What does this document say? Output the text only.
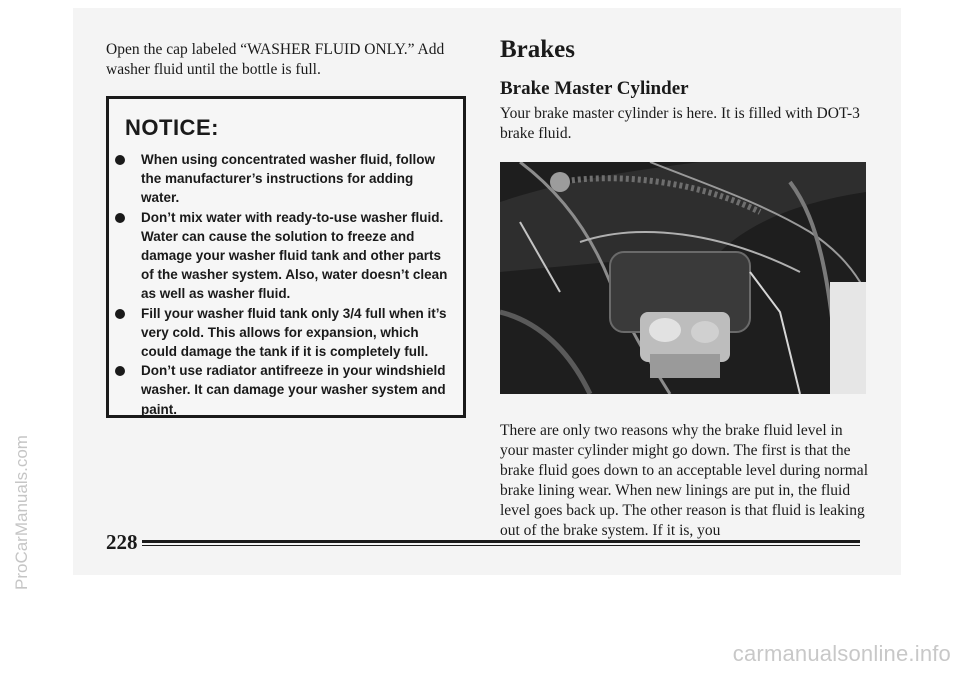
Open the cap labeled “WASHER FLUID ONLY.” Add washer fluid until the bottle is full.

NOTICE:
When using concentrated washer fluid, follow the manufacturer’s instructions for adding water.
Don’t mix water with ready-to-use washer fluid. Water can cause the solution to freeze and damage your washer fluid tank and other parts of the washer system. Also, water doesn’t clean as well as washer fluid.
Fill your washer fluid tank only 3/4 full when it’s very cold. This allows for expansion, which could damage the tank if it is completely full.
Don’t use radiator antifreeze in your windshield washer. It can damage your washer system and paint.
Brakes
Brake Master Cylinder

Your brake master cylinder is here. It is filled with DOT-3 brake fluid.

There are only two reasons why the brake fluid level in your master cylinder might go down. The first is that the brake fluid goes down to an acceptable level during normal brake lining wear. When new linings are put in, the fluid level goes back up. The other reason is that fluid is leaking out of the brake system. If it is, you

228
ProCarManuals.com
carmanualsonline.info
